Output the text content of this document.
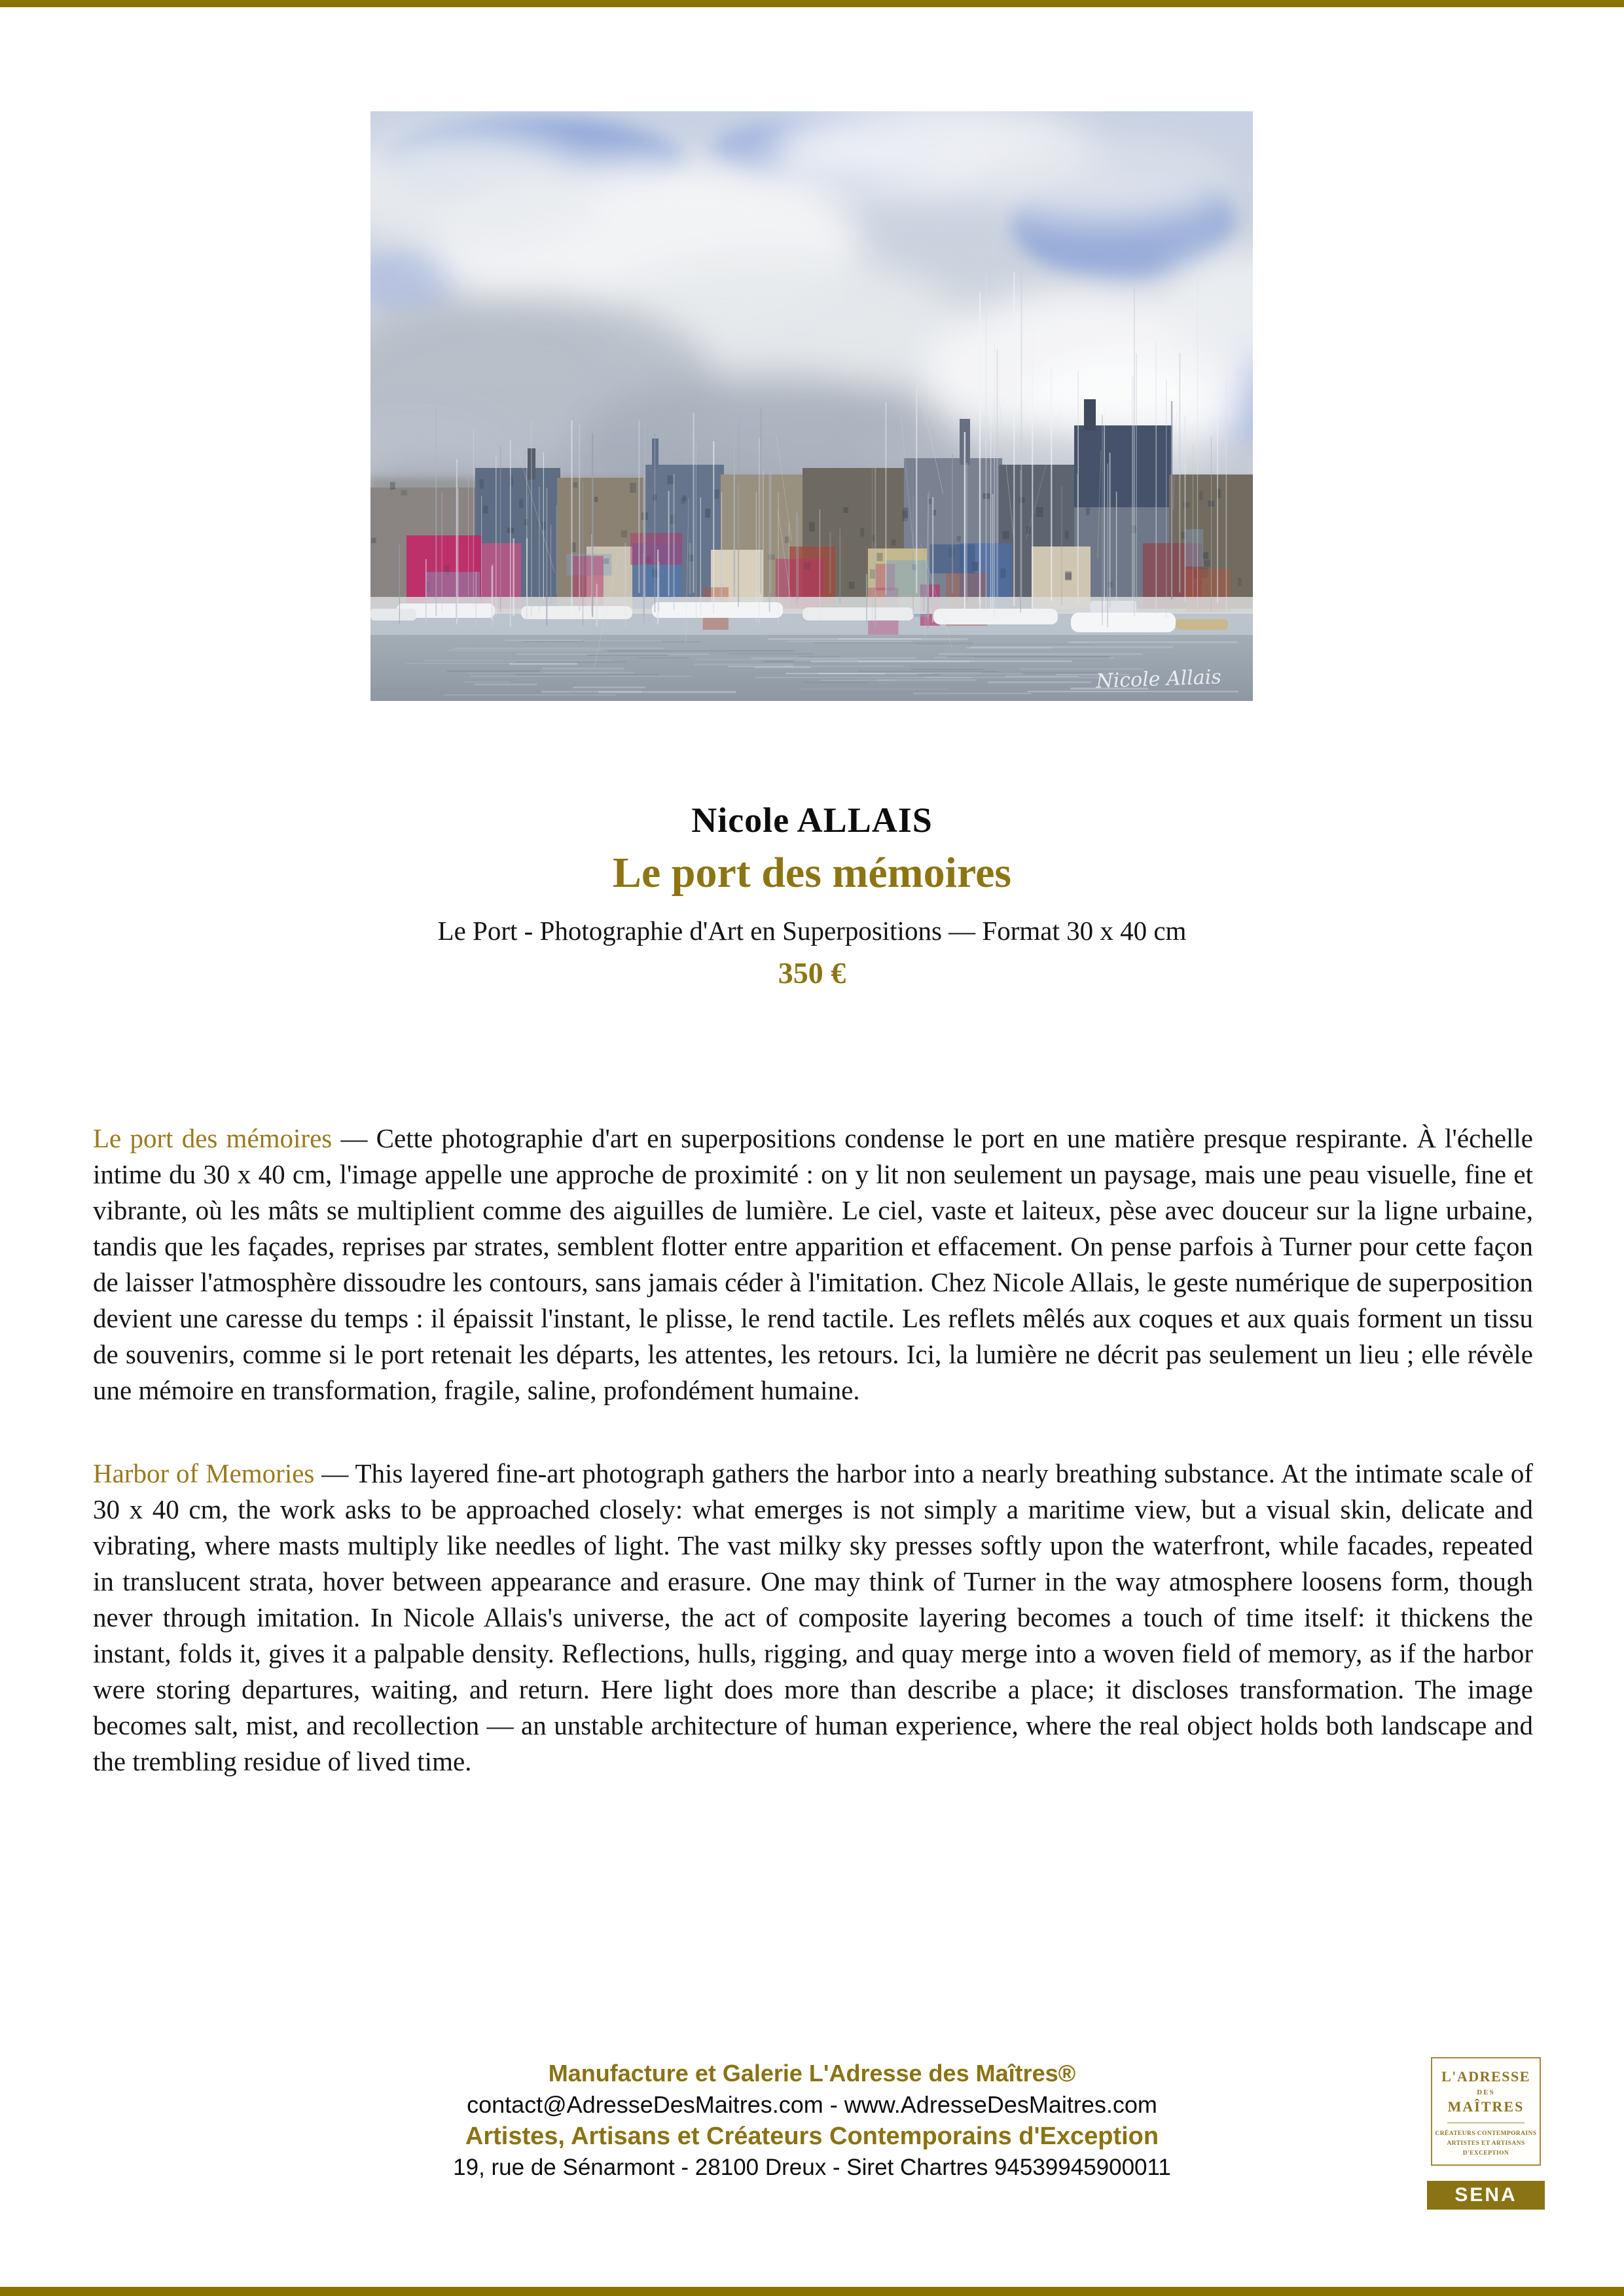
Nicole Allais
Nicole ALLAIS
Le port des mémoires
Le Port - Photographie d'Art en Superpositions — Format 30 x 40 cm
350 €

Le port des mémoires — Cette photographie d'art en superpositions condense le port en une matière presque respirante. À l'échelle intime du 30 x 40 cm, l'image appelle une approche de proximité : on y lit non seulement un paysage, mais une peau visuelle, fine et vibrante, où les mâts se multiplient comme des aiguilles de lumière. Le ciel, vaste et laiteux, pèse avec douceur sur la ligne urbaine, tandis que les façades, reprises par strates, semblent flotter entre apparition et effacement. On pense parfois à Turner pour cette façon de laisser l'atmosphère dissoudre les contours, sans jamais céder à l'imitation. Chez Nicole Allais, le geste numérique de superposition devient une caresse du temps : il épaissit l'instant, le plisse, le rend tactile. Les reflets mêlés aux coques et aux quais forment un tissu de souvenirs, comme si le port retenait les départs, les attentes, les retours. Ici, la lumière ne décrit pas seulement un lieu ; elle révèle une mémoire en transformation, fragile, saline, profondément humaine.

Harbor of Memories — This layered fine-art photograph gathers the harbor into a nearly breathing substance. At the intimate scale of 30 x 40 cm, the work asks to be approached closely: what emerges is not simply a maritime view, but a visual skin, delicate and vibrating, where masts multiply like needles of light. The vast milky sky presses softly upon the waterfront, while facades, repeated in translucent strata, hover between appearance and erasure. One may think of Turner in the way atmosphere loosens form, though never through imitation. In Nicole Allais's universe, the act of composite layering becomes a touch of time itself: it thickens the instant, folds it, gives it a palpable density. Reflections, hulls, rigging, and quay merge into a woven field of memory, as if the harbor were storing departures, waiting, and return. Here light does more than describe a place; it discloses transformation. The image becomes salt, mist, and recollection — an unstable architecture of human experience, where the real object holds both landscape and the trembling residue of lived time.

Manufacture et Galerie L'Adresse des Maîtres®
contact@AdresseDesMaitres.com - www.AdresseDesMaitres.com
Artistes, Artisans et Créateurs Contemporains d'Exception
19, rue de Sénarmont - 28100 Dreux - Siret Chartres 94539945900011
L'ADRESSE
DES
MAÎTRES
CRÉATEURS CONTEMPORAINS
ARTISTES ET ARTISANS
D'EXCEPTION
SENA
